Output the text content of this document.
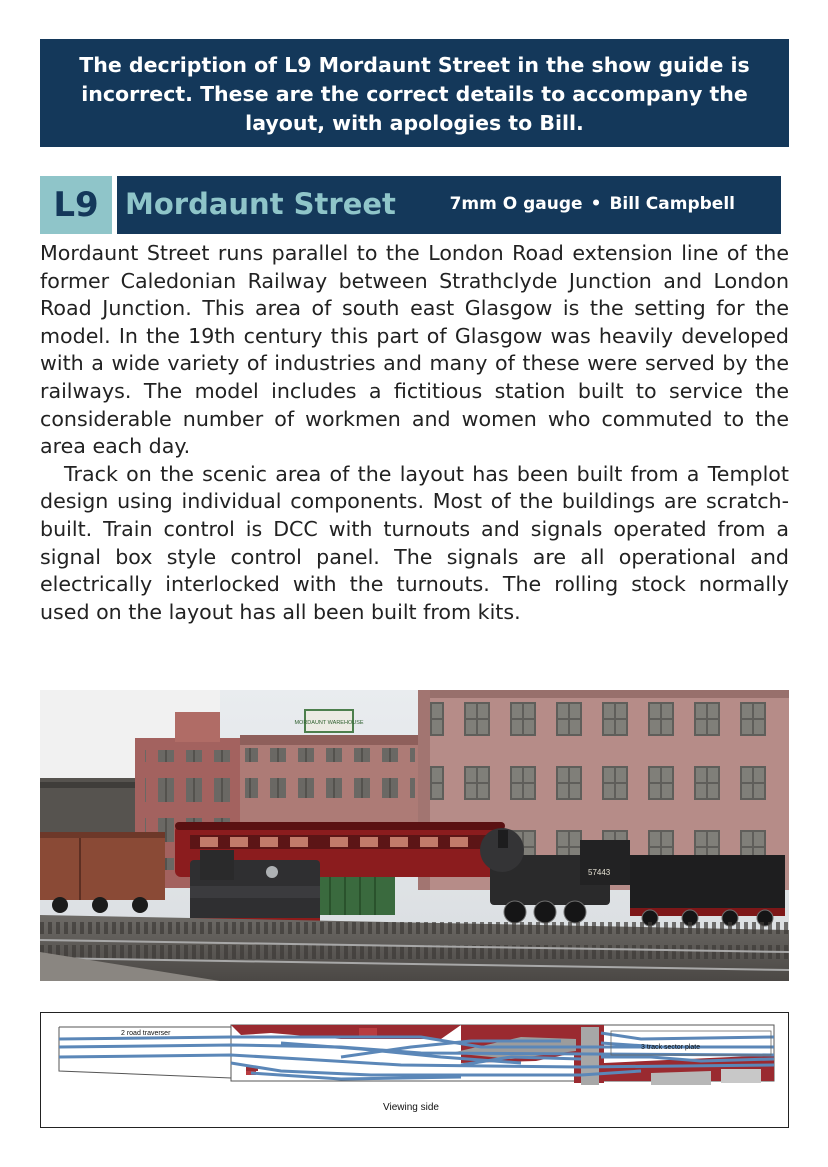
The decription of L9 Mordaunt Street in the show guide is incorrect. These are the correct details to accompany the layout, with apologies to Bill.
L9 Mordaunt Street	7mm O gauge • Bill Campbell

Mordaunt Street runs parallel to the London Road extension line of the former Caledonian Railway between Strathclyde Junction and London Road Junction. This area of south east Glasgow is the setting for the model. In the 19th century this part of Glasgow was heavily developed with a wide variety of industries and many of these were served by the railways. The model includes a fictitious station built to service the considerable number of workmen and women who commuted to the area each day.

Track on the scenic area of the layout has been built from a Templot design using individual components. Most of the buildings are scratch-built. Train control is DCC with turnouts and signals operated from a signal box style control panel. The signals are all operational and electrically interlocked with the turnouts. The rolling stock normally used on the layout has all been built from kits.

MORDAUNT WAREHOUSE
57443
2 road traverser
3 track sector plate
Viewing side
